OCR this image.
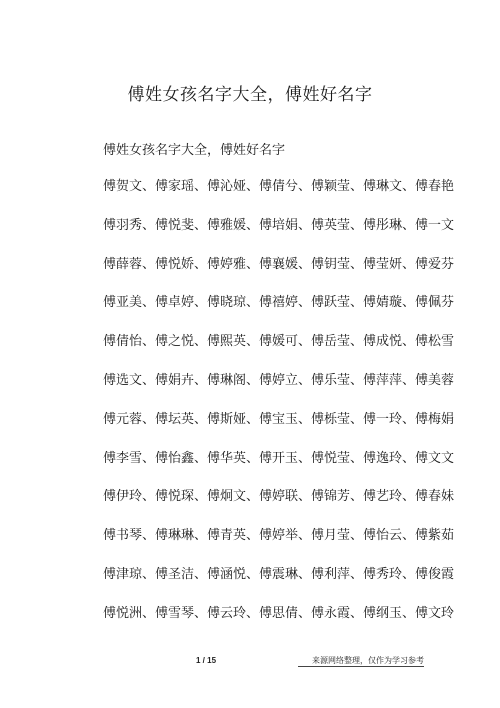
傅姓女孩名字大全，傅姓好名字

傅姓女孩名字大全，傅姓好名字

傅贺文、傅家瑶、傅沁娅、傅倩兮、傅颖莹、傅琳文、傅春艳
傅羽秀、傅悦斐、傅雅媛、傅培娟、傅英莹、傅彤琳、傅一文
傅薛蓉、傅悦娇、傅婷雅、傅襄媛、傅钥莹、傅莹妍、傅爱芬
傅亚美、傅卓婷、傅晓琼、傅禧婷、傅跃莹、傅婧璇、傅佩芬
傅倩怡、傅之悦、傅熙英、傅媛可、傅岳莹、傅成悦、傅松雪
傅选文、傅娟卉、傅琳阁、傅婷立、傅乐莹、傅萍萍、傅美蓉
傅元蓉、傅坛英、傅斯娅、傅宝玉、傅栎莹、傅一玲、傅梅娟
傅李雪、傅怡鑫、傅华英、傅开玉、傅悦莹、傅逸玲、傅文文
傅伊玲、傅悦琛、傅炯文、傅婷联、傅锦芳、傅艺玲、傅春妹
傅书琴、傅琳琳、傅青英、傅婷举、傅月莹、傅怡云、傅紫茹
傅津琼、傅圣洁、傅涵悦、傅震琳、傅利萍、傅秀玲、傅俊霞
傅悦洲、傅雪琴、傅云玲、傅思倩、傅永霞、傅纲玉、傅文玲
1 / 15	来源网络整理，仅作为学习参考
